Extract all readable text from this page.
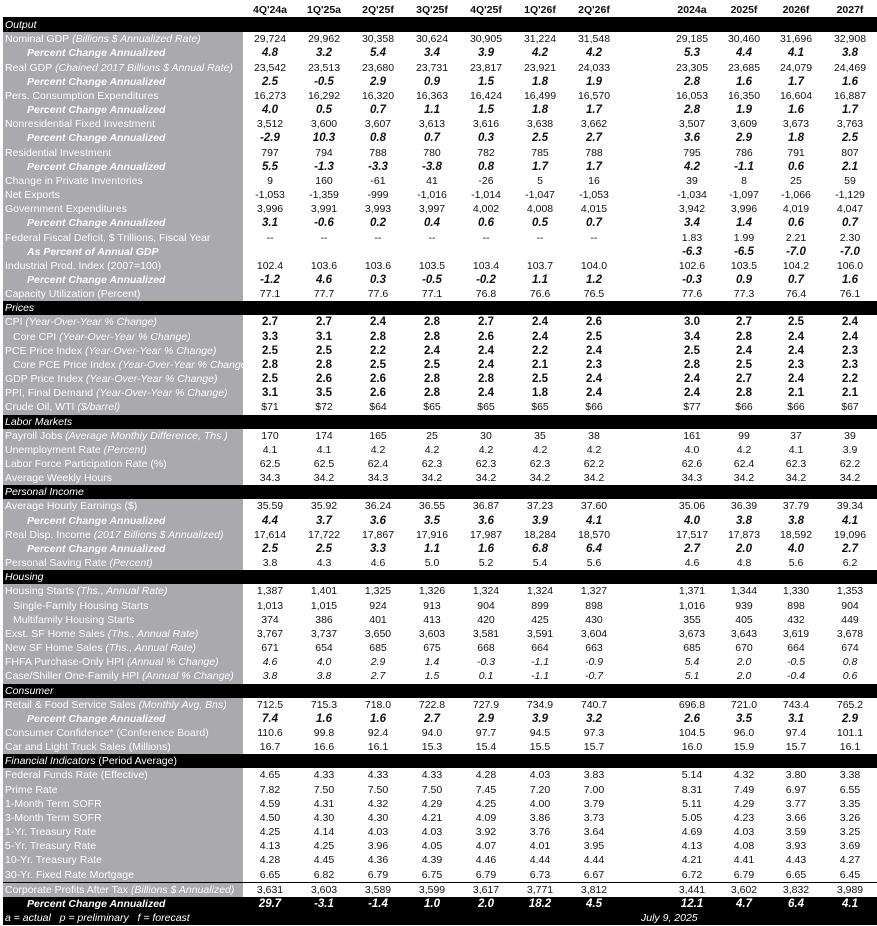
	4Q'24a	1Q'25a	2Q'25f	3Q'25f	4Q'25f	1Q'26f	2Q'26f		2024a	2025f	2026f	2027f
Output												
Nominal GDP (Billions $ Annualized Rate)	29,724	29,962	30,358	30,624	30,905	31,224	31,548		29,185	30,460	31,696	32,908
Percent Change Annualized	4.8	3.2	5.4	3.4	3.9	4.2	4.2		5.3	4.4	4.1	3.8
Real GDP (Chained 2017 Billions $ Annual Rate)	23,542	23,513	23,680	23,731	23,817	23,921	24,033		23,305	23,685	24,079	24,469
Percent Change Annualized	2.5	-0.5	2.9	0.9	1.5	1.8	1.9		2.8	1.6	1.7	1.6
Pers. Consumption Expenditures	16,273	16,292	16,320	16,363	16,424	16,499	16,570		16,053	16,350	16,604	16,887
Percent Change Annualized	4.0	0.5	0.7	1.1	1.5	1.8	1.7		2.8	1.9	1.6	1.7
Nonresidential Fixed Investment	3,512	3,600	3,607	3,613	3,616	3,638	3,662		3,507	3,609	3,673	3,763
Percent Change Annualized	-2.9	10.3	0.8	0.7	0.3	2.5	2.7		3.6	2.9	1.8	2.5
Residential Investment	797	794	788	780	782	785	788		795	786	791	807
Percent Change Annualized	5.5	-1.3	-3.3	-3.8	0.8	1.7	1.7		4.2	-1.1	0.6	2.1
Change in Private Inventories	9	160	-61	41	-26	5	16		39	8	25	59
Net Exports	-1,053	-1,359	-999	-1,016	-1,014	-1,047	-1,053		-1,034	-1,097	-1,066	-1,129
Government Expenditures	3,996	3,991	3,993	3,997	4,002	4,008	4,015		3,942	3,996	4,019	4,047
Percent Change Annualized	3.1	-0.6	0.2	0.4	0.6	0.5	0.7		3.4	1.4	0.6	0.7
Federal Fiscal Deficit, $ Trillions, Fiscal Year	--	--	--	--	--	--	--		1.83	1.99	2.21	2.30
As Percent of Annual GDP									-6.3	-6.5	-7.0	-7.0
Industrial Prod. Index (2007=100)	102.4	103.6	103.6	103.5	103.4	103.7	104.0		102.6	103.5	104.2	106.0
Percent Change Annualized	-1.2	4.6	0.3	-0.5	-0.2	1.1	1.2		-0.3	0.9	0.7	1.6
Capacity Utilization (Percent)	77.1	77.7	77.6	77.1	76.8	76.6	76.5		77.6	77.3	76.4	76.1
Prices												
CPI (Year-Over-Year % Change)	2.7	2.7	2.4	2.8	2.7	2.4	2.6		3.0	2.7	2.5	2.4
Core CPI (Year-Over-Year % Change)	3.3	3.1	2.8	2.8	2.6	2.4	2.5		3.4	2.8	2.4	2.4
PCE Price Index (Year-Over-Year % Change)	2.5	2.5	2.2	2.4	2.4	2.2	2.4		2.5	2.4	2.4	2.3
Core PCE Price Index (Year-Over-Year % Change)	2.8	2.8	2.5	2.5	2.4	2.1	2.3		2.8	2.5	2.3	2.3
GDP Price Index (Year-Over-Year % Change)	2.5	2.6	2.6	2.8	2.8	2.5	2.4		2.4	2.7	2.4	2.2
PPI, Final Demand (Year-Over-Year % Change)	3.1	3.5	2.6	2.8	2.4	1.8	2.4		2.4	2.8	2.1	2.1
Crude Oil, WTI ($/barrel)	$71	$72	$64	$65	$65	$65	$66		$77	$66	$66	$67
Labor Markets												
Payroll Jobs (Average Monthly Difference, Ths.)	170	174	165	25	30	35	38		161	99	37	39
Unemployment Rate (Percent)	4.1	4.1	4.2	4.2	4.2	4.2	4.2		4.0	4.2	4.1	3.9
Labor Force Participation Rate (%)	62.5	62.5	62.4	62.3	62.3	62.3	62.2		62.6	62.4	62.3	62.2
Average Weekly Hours	34.3	34.2	34.3	34.2	34.2	34.2	34.2		34.3	34.2	34.2	34.2
Personal Income												
Average Hourly Earnings ($)	35.59	35.92	36.24	36.55	36.87	37.23	37.60		35.06	36.39	37.79	39.34
Percent Change Annualized	4.4	3.7	3.6	3.5	3.6	3.9	4.1		4.0	3.8	3.8	4.1
Real Disp. Income (2017 Billions $ Annualized)	17,614	17,722	17,867	17,916	17,987	18,284	18,570		17,517	17,873	18,592	19,096
Percent Change Annualized	2.5	2.5	3.3	1.1	1.6	6.8	6.4		2.7	2.0	4.0	2.7
Personal Saving Rate (Percent)	3.8	4.3	4.6	5.0	5.2	5.4	5.6		4.6	4.8	5.6	6.2
Housing												
Housing Starts (Ths., Annual Rate)	1,387	1,401	1,325	1,326	1,324	1,324	1,327		1,371	1,344	1,330	1,353
Single-Family Housing Starts	1,013	1,015	924	913	904	899	898		1,016	939	898	904
Multifamily Housing Starts	374	386	401	413	420	425	430		355	405	432	449
Exst. SF Home Sales (Ths., Annual Rate)	3,767	3,737	3,650	3,603	3,581	3,591	3,604		3,673	3,643	3,619	3,678
New SF Home Sales (Ths., Annual Rate)	671	654	685	675	668	664	663		685	670	664	674
FHFA Purchase-Only HPI (Annual % Change)	4.6	4.0	2.9	1.4	-0.3	-1.1	-0.9		5.4	2.0	-0.5	0.8
Case/Shiller One-Family HPI (Annual % Change)	3.8	3.8	2.7	1.5	0.1	-1.1	-0.7		5.1	2.0	-0.4	0.6
Consumer												
Retail & Food Service Sales (Monthly Avg, Bns)	712.5	715.3	718.0	722.8	727.9	734.9	740.7		696.8	721.0	743.4	765.2
Percent Change Annualized	7.4	1.6	1.6	2.7	2.9	3.9	3.2		2.6	3.5	3.1	2.9
Consumer Confidence* (Conference Board)	110.6	99.8	92.4	94.0	97.7	94.5	97.3		104.5	96.0	97.4	101.1
Car and Light Truck Sales (Millions)	16.7	16.6	16.1	15.3	15.4	15.5	15.7		16.0	15.9	15.7	16.1
Financial Indicators (Period Average)												
Federal Funds Rate (Effective)	4.65	4.33	4.33	4.33	4.28	4.03	3.83		5.14	4.32	3.80	3.38
Prime Rate	7.82	7.50	7.50	7.50	7.45	7.20	7.00		8.31	7.49	6.97	6.55
1-Month Term SOFR	4.59	4.31	4.32	4.29	4.25	4.00	3.79		5.11	4.29	3.77	3.35
3-Month Term SOFR	4.50	4.30	4.30	4.21	4.09	3.86	3.73		5.05	4.23	3.66	3.26
1-Yr. Treasury Rate	4.25	4.14	4.03	4.03	3.92	3.76	3.64		4.69	4.03	3.59	3.25
5-Yr. Treasury Rate	4.13	4.25	3.96	4.05	4.07	4.01	3.95		4.13	4.08	3.93	3.69
10-Yr. Treasury Rate	4.28	4.45	4.36	4.39	4.46	4.44	4.44		4.21	4.41	4.43	4.27
30-Yr. Fixed Rate Mortgage	6.65	6.82	6.79	6.75	6.79	6.73	6.67		6.72	6.79	6.65	6.45
Corporate Profits After Tax (Billions $ Annualized)	3,631	3,603	3,589	3,599	3,617	3,771	3,812		3,441	3,602	3,832	3,989
Percent Change Annualized	29.7	-3.1	-1.4	1.0	2.0	18.2	4.5		12.1	4.7	6.4	4.1
a = actual   p = preliminary   f = forecast								July 9, 2025				
